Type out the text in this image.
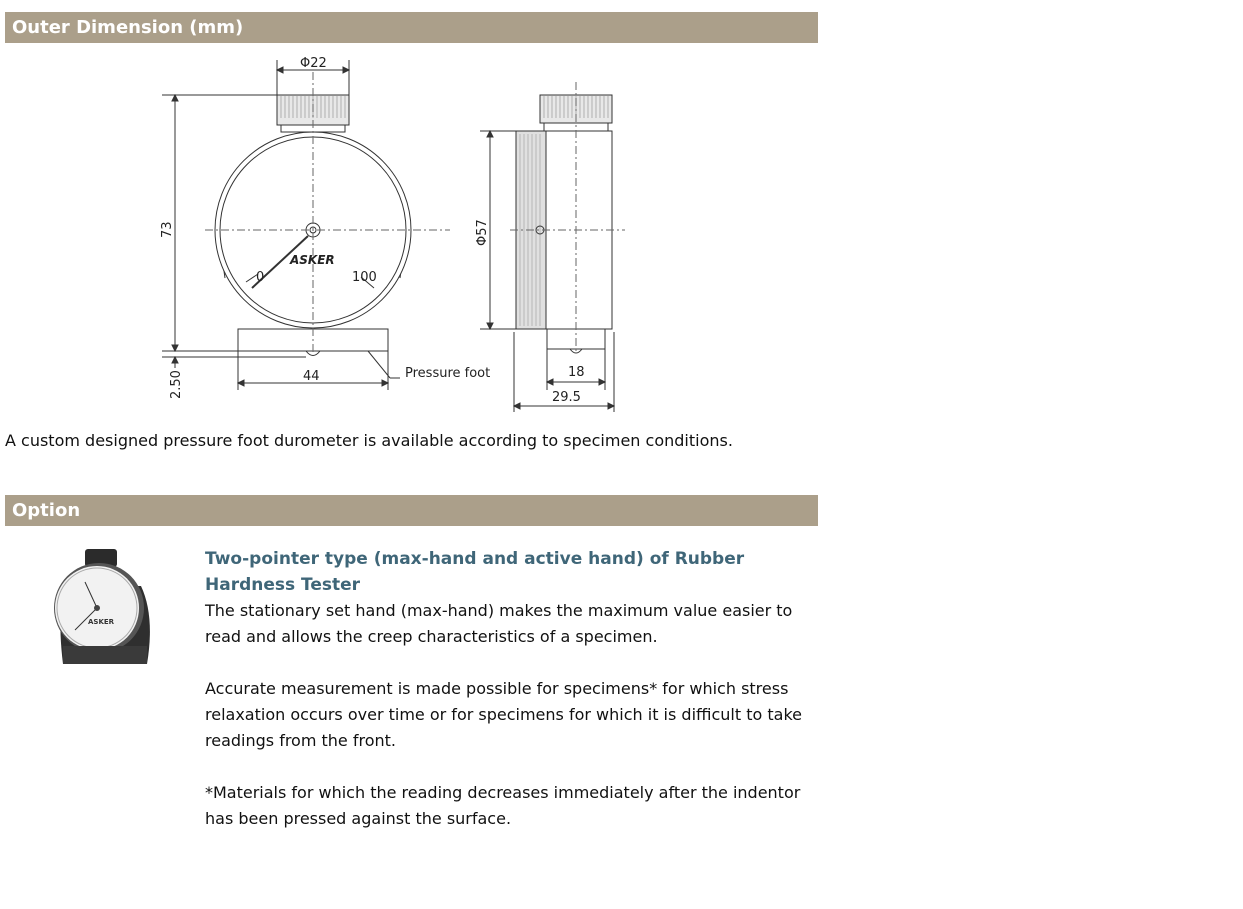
Outer Dimension (mm)
Φ22
73
2.50	44
0	100
ASKER
Pressure foot
Φ57
18
29.5
A custom designed pressure foot durometer is available according to specimen conditions.
Option
ASKER
Two-pointer type (max-hand and active hand) of Rubber Hardness Tester

The stationary set hand (max-hand) makes the maximum value easier to read and allows the creep characteristics of a specimen.

Accurate measurement is made possible for specimens* for which stress relaxation occurs over time or for specimens for which it is difficult to take readings from the front.

*Materials for which the reading decreases immediately after the indentor has been pressed against the surface.
